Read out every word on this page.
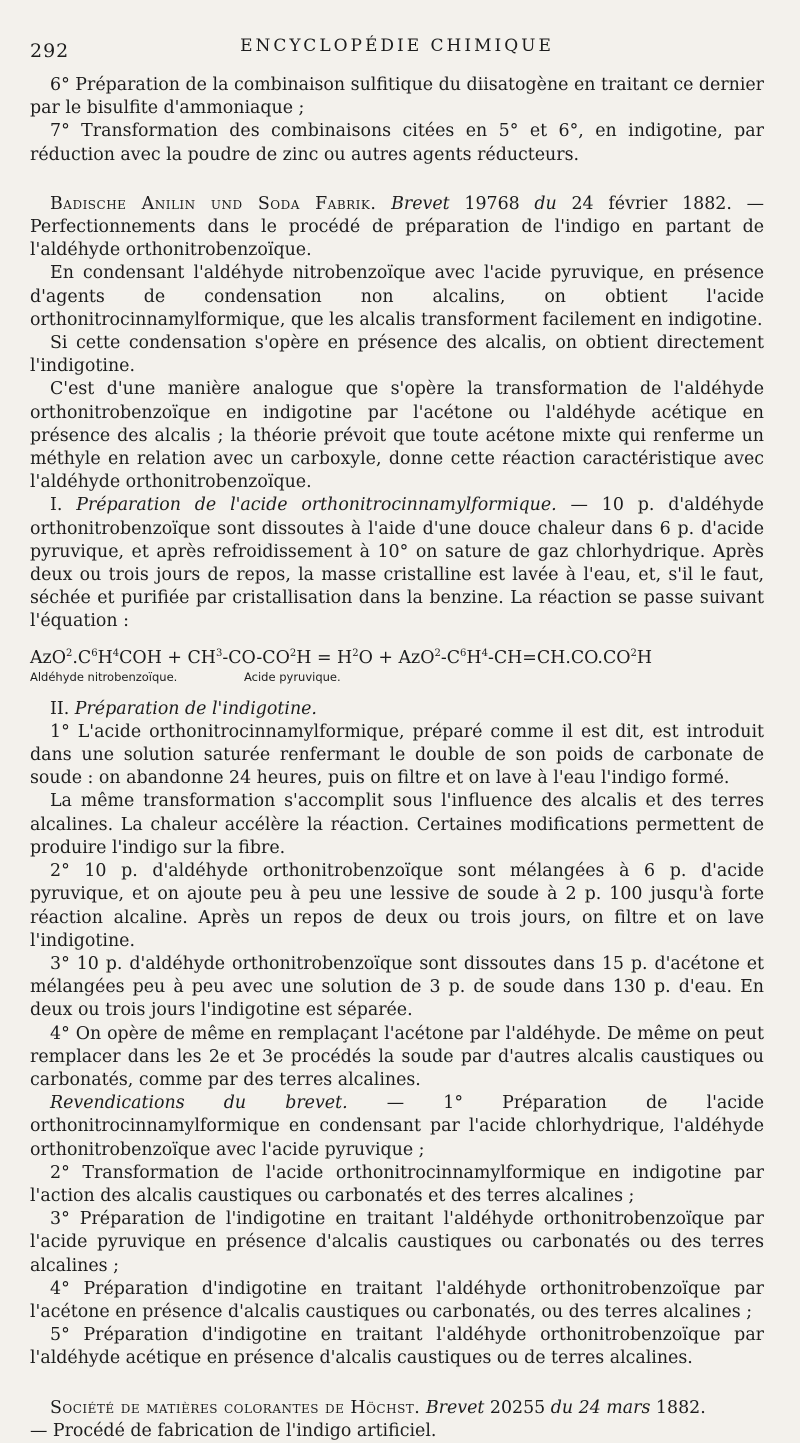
292	ENCYCLOPÉDIE CHIMIQUE

6° Préparation de la combinaison sulfitique du diisatogène en traitant ce dernier par le bisulfite d'ammoniaque ;

7° Transformation des combinaisons citées en 5° et 6°, en indigotine, par réduction avec la poudre de zinc ou autres agents réducteurs.

Badische Anilin und Soda Fabrik. Brevet 19768 du 24 février 1882. — Perfectionnements dans le procédé de préparation de l'indigo en partant de l'aldéhyde orthonitrobenzoïque.

En condensant l'aldéhyde nitrobenzoïque avec l'acide pyruvique, en présence d'agents de condensation non alcalins, on obtient l'acide orthonitrocinnamylformique, que les alcalis transforment facilement en indigotine.

Si cette condensation s'opère en présence des alcalis, on obtient directement l'indigotine.

C'est d'une manière analogue que s'opère la transformation de l'aldéhyde orthonitrobenzoïque en indigotine par l'acétone ou l'aldéhyde acétique en présence des alcalis ; la théorie prévoit que toute acétone mixte qui renferme un méthyle en relation avec un carboxyle, donne cette réaction caractéristique avec l'aldéhyde orthonitrobenzoïque.

I. Préparation de l'acide orthonitrocinnamylformique. — 10 p. d'aldéhyde orthonitrobenzoïque sont dissoutes à l'aide d'une douce chaleur dans 6 p. d'acide pyruvique, et après refroidissement à 10° on sature de gaz chlorhydrique. Après deux ou trois jours de repos, la masse cristalline est lavée à l'eau, et, s'il le faut, séchée et purifiée par cristallisation dans la benzine. La réaction se passe suivant l'équation :

$AzO^2.C^6H^4COH + CH^3-CO-CO^2H = H^2O + AzO^2-C^6H^4-CH=CH.CO.CO^2H$
Aldéhyde nitrobenzoïque.	Acide pyruvique.

II. Préparation de l'indigotine.

1° L'acide orthonitrocinnamylformique, préparé comme il est dit, est introduit dans une solution saturée renfermant le double de son poids de carbonate de soude : on abandonne 24 heures, puis on filtre et on lave à l'eau l'indigo formé.

La même transformation s'accomplit sous l'influence des alcalis et des terres alcalines. La chaleur accélère la réaction. Certaines modifications permettent de produire l'indigo sur la fibre.

2° 10 p. d'aldéhyde orthonitrobenzoïque sont mélangées à 6 p. d'acide pyruvique, et on ajoute peu à peu une lessive de soude à 2 p. 100 jusqu'à forte réaction alcaline. Après un repos de deux ou trois jours, on filtre et on lave l'indigotine.

3° 10 p. d'aldéhyde orthonitrobenzoïque sont dissoutes dans 15 p. d'acétone et mélangées peu à peu avec une solution de 3 p. de soude dans 130 p. d'eau. En deux ou trois jours l'indigotine est séparée.

4° On opère de même en remplaçant l'acétone par l'aldéhyde. De même on peut remplacer dans les 2e et 3e procédés la soude par d'autres alcalis caustiques ou carbonatés, comme par des terres alcalines.

Revendications du brevet. — 1° Préparation de l'acide orthonitrocinnamylformique en condensant par l'acide chlorhydrique, l'aldéhyde orthonitrobenzoïque avec l'acide pyruvique ;

2° Transformation de l'acide orthonitrocinnamylformique en indigotine par l'action des alcalis caustiques ou carbonatés et des terres alcalines ;

3° Préparation de l'indigotine en traitant l'aldéhyde orthonitrobenzoïque par l'acide pyruvique en présence d'alcalis caustiques ou carbonatés ou des terres alcalines ;

4° Préparation d'indigotine en traitant l'aldéhyde orthonitrobenzoïque par l'acétone en présence d'alcalis caustiques ou carbonatés, ou des terres alcalines ;

5° Préparation d'indigotine en traitant l'aldéhyde orthonitrobenzoïque par l'aldéhyde acétique en présence d'alcalis caustiques ou de terres alcalines.

Société de matières colorantes de Höchst. Brevet 20255 du 24 mars 1882.

— Procédé de fabrication de l'indigo artificiel.
